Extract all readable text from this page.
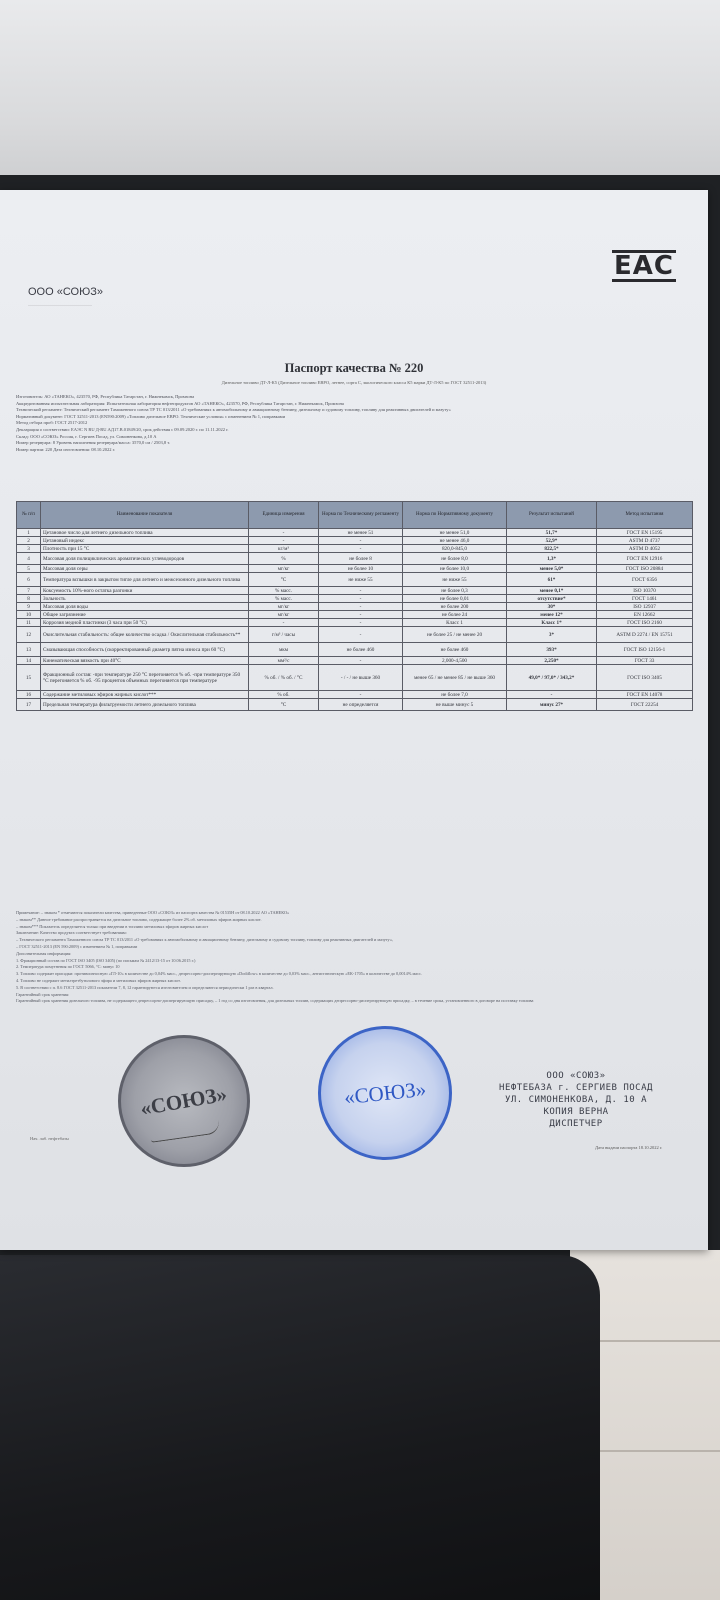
EAC
ООО «СОЮЗ»
................................................................
Паспорт качества № 220
Дизельное топливо ДТ-Л-К5 (Дизельное топливо ЕВРО, летнее, сорта С, экологического класса К5 марки ДТ-Л-К5 по ГОСТ 32511-2013)
Изготовитель: АО «ТАНЕКО», 423570, РФ, Республика Татарстан, г. Нижнекамск, Промзона
Аккредитованная испытательная лаборатория: Испытательная лаборатория нефтепродуктов АО «ТАНЕКО», 423570, РФ, Республика Татарстан, г. Нижнекамск, Промзона
Технический регламент: Технический регламент Таможенного союза ТР ТС 013/2011 «О требованиях к автомобильному и авиационному бензину, дизельному и судовому топливу, топливу для реактивных двигателей и мазуту»
Нормативный документ: ГОСТ 32511-2013 (EN590:2009) «Топливо дизельное ЕВРО. Технические условия» с изменением № 1, поправками
Метод отбора проб: ГОСТ 2517-2012
Декларация о соответствии: ЕАЭС N RU Д-RU.АД17.В.01849/20, срок действия с 09.09.2020 г. по 11.11.2022 г.
Склад: ООО «СОЮЗ» Россия, г. Сергиев Посад, ул. Симоненкова, д.10 А
Номер резервуара: 8 Уровень наполнения резервуара/масса: 3570,0 см / 2503,8 т.
Номер партии: 220 Дата изготовления: 08.10.2022 г.
№ п/п	Наименование показателя	Единица измерения	Норма по Техническому регламенту	Норма по Нормативному документу	Результат испытаний	Метод испытания
1	Цетановое число для летнего дизельного топлива	-	не менее 51	не менее 51,0	51,7*	ГОСТ EN 15195
2	Цетановый индекс	-	-	не менее 46,0	52,9*	ASTM D 4737
3	Плотность при 15 °С	кг/м³	-	820,0-845,0	822,5*	ASTM D 4052
4	Массовая доля полициклических ароматических углеводородов	%	не более 8	не более 8,0	1,3*	ГОСТ EN 12916
5	Массовая доля серы	мг/кг	не более 10	не более 10,0	менее 5,0*	ГОСТ ISO 20884
6	Температура вспышки в закрытом тигле для летнего и межсезонного дизельного топлива	°С	не ниже 55	не ниже 55	61*	ГОСТ 6356
7	Коксуемость 10%-ного остатка разгонки	% масс.	-	не более 0,3	менее 0,1*	ISO 10370
8	Зольность	% масс.	-	не более 0,01	отсутствие*	ГОСТ 1461
9	Массовая доля воды	мг/кг	-	не более 200	30*	ISO 12937
10	Общее загрязнение	мг/кг	-	не более 24	менее 12*	EN 12662
11	Коррозия медной пластинки (3 часа при 50 °С)	-	-	Класс 1	Класс 1*	ГОСТ ISO 2160
12	Окислительная стабильность: общее количество осадка / Окислительная стабильность**	г/м³ / часы	-	не более 25 / не менее 20	3*	ASTM D 2274 / EN 15751
13	Смазывающая способность (скорректированный диаметр пятна износа при 60 °С)	мкм	не более 460	не более 460	393*	ГОСТ ISO 12156-1
14	Кинематическая вязкость при 40°С	мм²/с	-	2,000-4,500	2,250*	ГОСТ 33
15	Фракционный состав: -при температуре 250 °С перегоняется % об. -при температуре 350 °С перегоняется % об. -95 процентов объемных перегоняется при температуре	% об. / % об. / °С	- / - / не выше 360	менее 65 / не менее 85 / не выше 360	49,0* / 97,0* / 343,2*	ГОСТ ISO 3405
16	Содержание метиловых эфиров жирных кислот***	% об.	-	не более 7,0	-	ГОСТ EN 14078
17	Предельная температура фильтруемости летнего дизельного топлива	°С	не определяется	не выше минус 5	минус 27*	ГОСТ 22254
Примечание: – знаком * отмечаются показатели качества, приведенные ООО «СОЮЗ» из паспорта качества № 01535Н от 08.10.2022 АО «ТАНЕКО»
– знаком** Данное требование распространяется на дизельное топливо, содержащее более 2% об. метиловых эфиров жирных кислот.
– знаком*** Показатель определяется только при введении в топливо метиловых эфиров жирных кислот
Заключение: Качество продукта соответствует требованиям:
– Технического регламента Таможенного союза ТР ТС 013/2011 «О требованиях к автомобильному и авиационному бензину, дизельному и судовому топливу, топливу для реактивных двигателей и мазуту»,
– ГОСТ 32511-2013 (EN 590:2009) с изменением № 1, поправками
Дополнительная информация:
1. Фракционный состав по ГОСТ ISO 3405 (ISO 3405) (по письмам № 2412/13-15 от 10.06.2015 г.)
2. Температура помутнения по ГОСТ 5066, °С: минус 10
3. Топливо содержит присадки: противоизносную «ГЛ-10» в количестве до 0,04% масс., депрессорно-диспергирующую «Dodiflow» в количестве до 0,03% масс., антистатическую «ЕК-1705» в количестве до 0,0014% масс.
4. Топливо не содержит метилтретбутилового эфира и метиловых эфиров жирных кислот.
5. В соответствии с п. 8.6 ГОСТ 32511-2013 показатели 7, 8, 12 гарантируются изготовителем и определяются периодически 1 раз в квартал.
Гарантийный срок хранения:
Гарантийный срок хранения дизельного топлива, не содержащего депрессорно-диспергирующую присадку, – 1 год со дня изготовления, для дизельных топлив, содержащих депрессорно-диспергирующую присадку, – в течение срока, установленного в договоре на поставку топлива
«СОЮЗ»
Нач. лаб. нефтебазы
«СОЮЗ»
ООО «СОЮЗ»
НЕФТЕБАЗА г. СЕРГИЕВ ПОСАД
УЛ. СИМОНЕНКОВА, Д. 10 А
КОПИЯ ВЕРНА
ДИСПЕТЧЕР
Дата выдачи паспорта 18.10.2022 г.
